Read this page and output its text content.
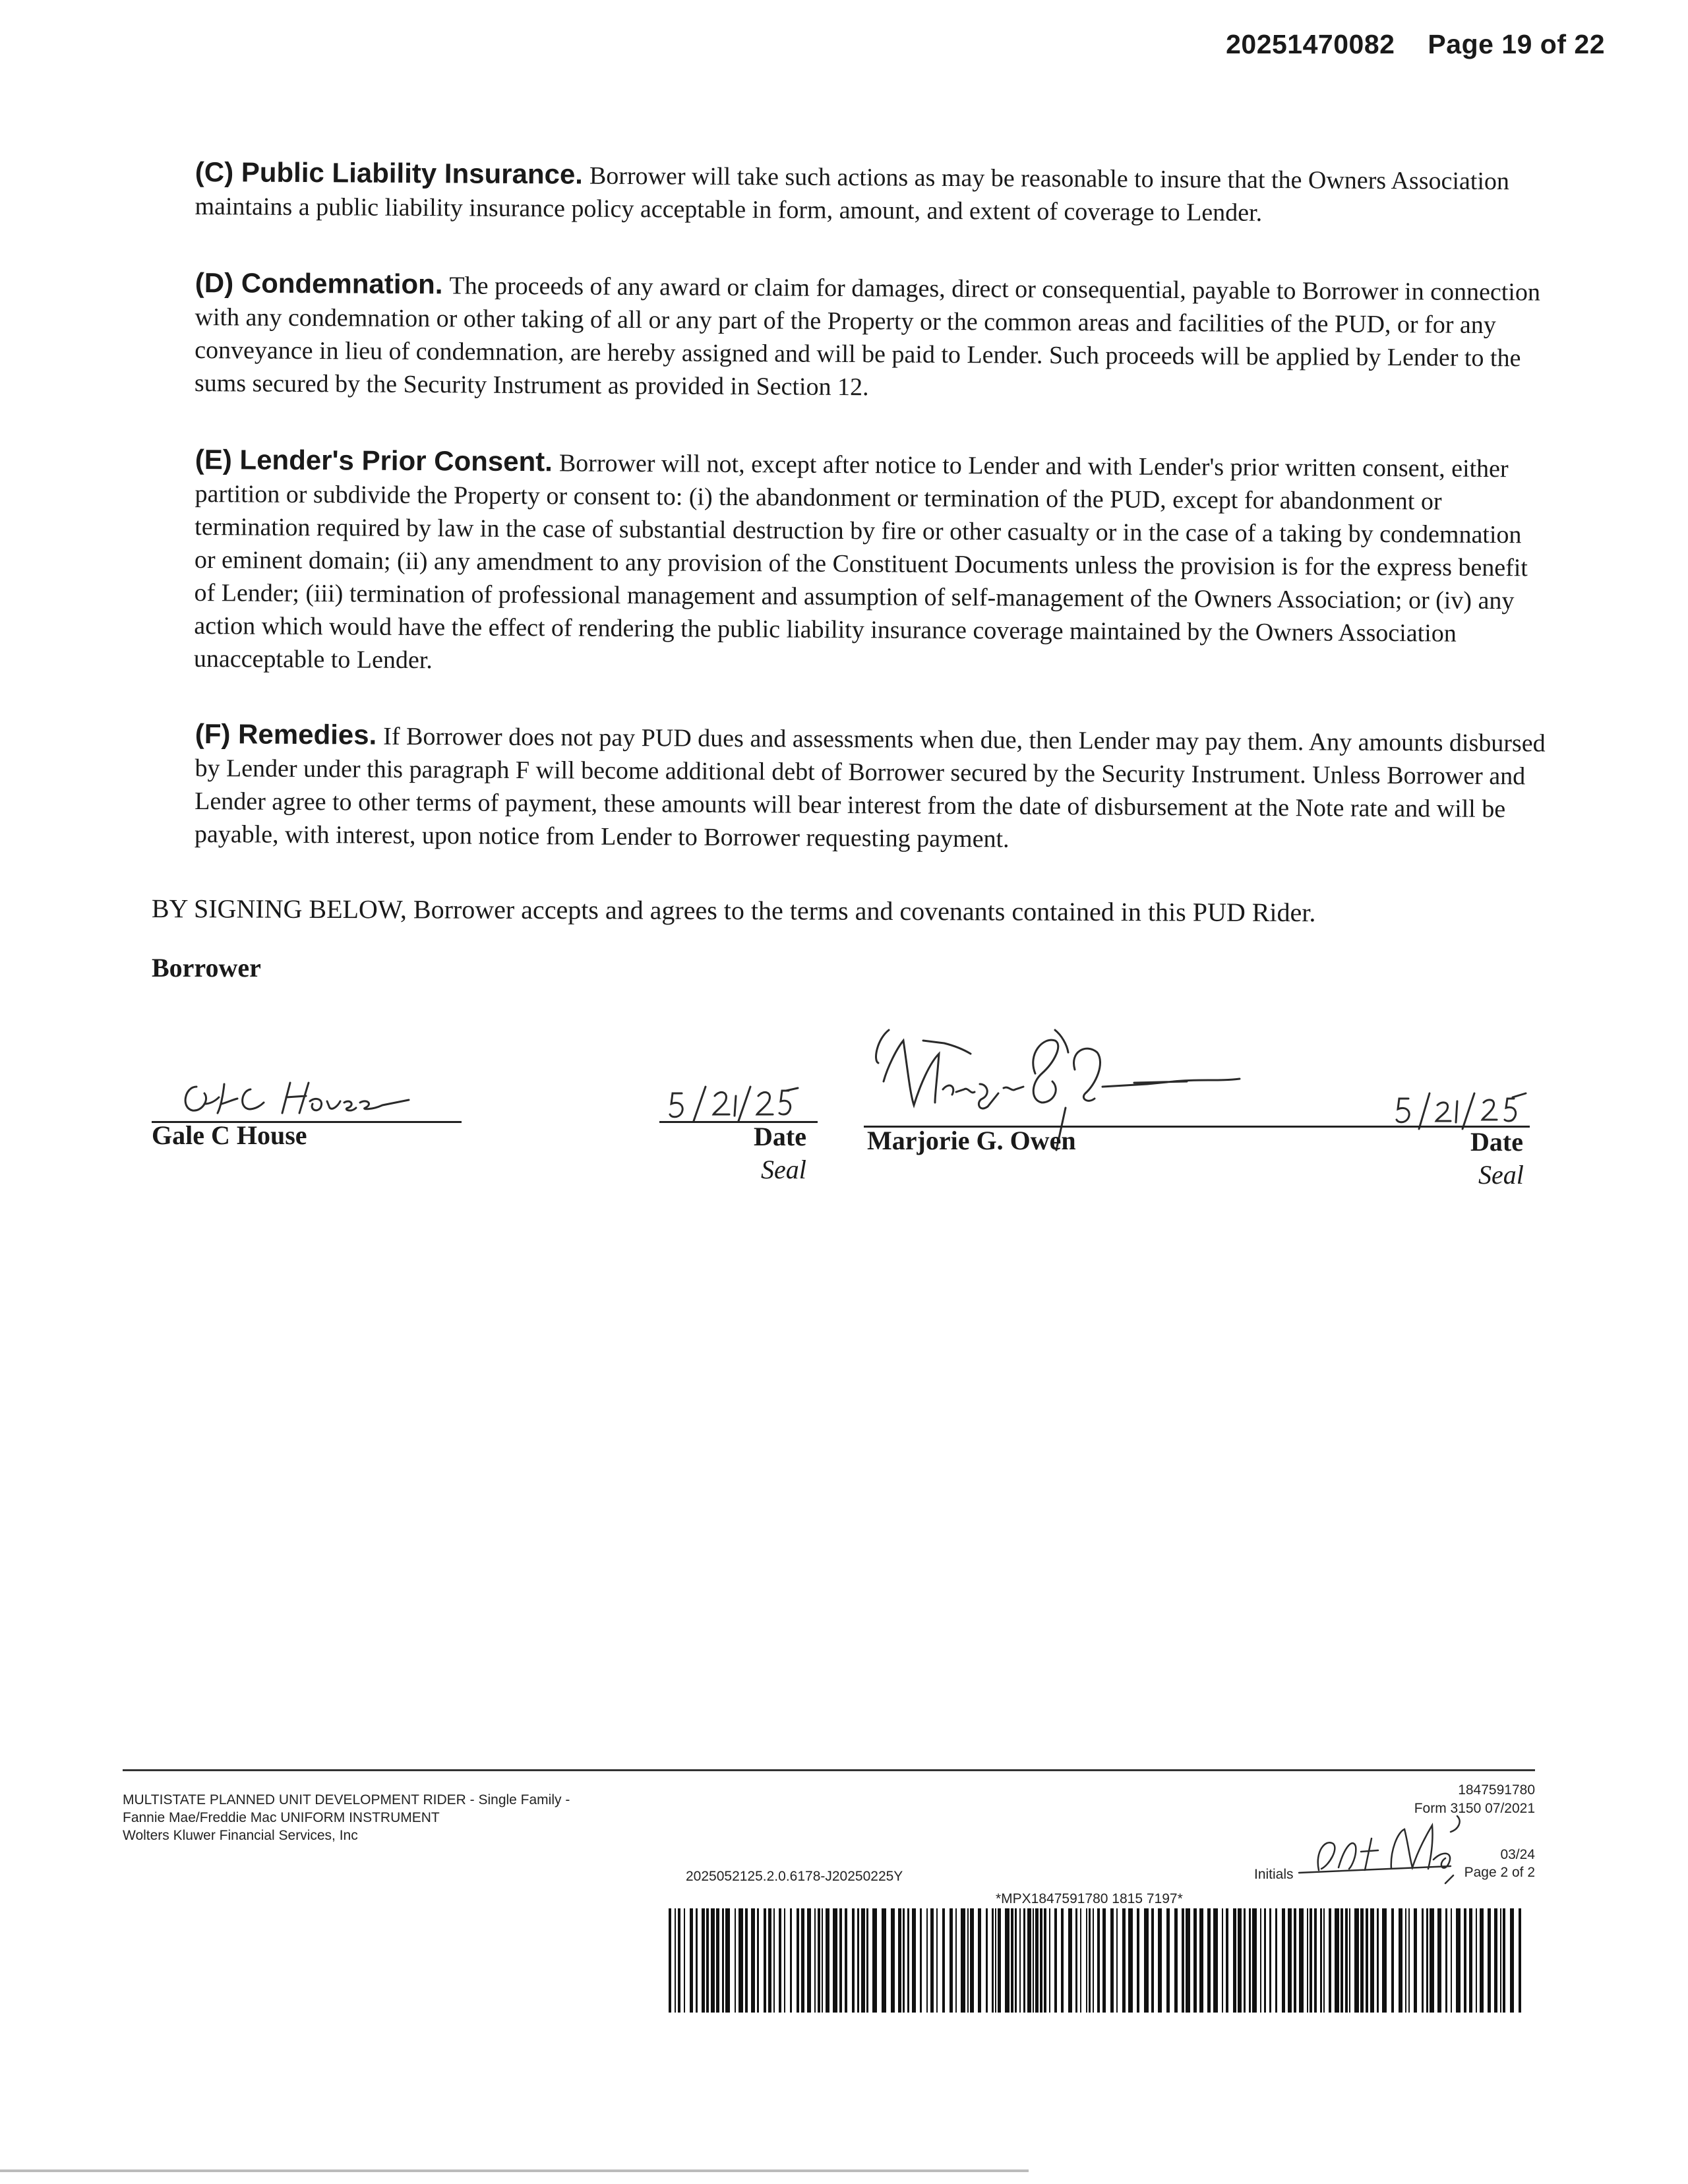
20251470082 Page 19 of 22
(C) Public Liability Insurance. Borrower will take such actions as may be reasonable to insure that the Owners Association maintains a public liability insurance policy acceptable in form, amount, and extent of coverage to Lender.
(D) Condemnation. The proceeds of any award or claim for damages, direct or consequential, payable to Borrower in connection with any condemnation or other taking of all or any part of the Property or the common areas and facilities of the PUD, or for any conveyance in lieu of condemnation, are hereby assigned and will be paid to Lender. Such proceeds will be applied by Lender to the sums secured by the Security Instrument as provided in Section 12.
(E) Lender's Prior Consent. Borrower will not, except after notice to Lender and with Lender's prior written consent, either partition or subdivide the Property or consent to: (i) the abandonment or termination of the PUD, except for abandonment or termination required by law in the case of substantial destruction by fire or other casualty or in the case of a taking by condemnation or eminent domain; (ii) any amendment to any provision of the Constituent Documents unless the provision is for the express benefit of Lender; (iii) termination of professional management and assumption of self-management of the Owners Association; or (iv) any action which would have the effect of rendering the public liability insurance coverage maintained by the Owners Association unacceptable to Lender.
(F) Remedies. If Borrower does not pay PUD dues and assessments when due, then Lender may pay them. Any amounts disbursed by Lender under this paragraph F will become additional debt of Borrower secured by the Security Instrument. Unless Borrower and Lender agree to other terms of payment, these amounts will bear interest from the date of disbursement at the Note rate and will be payable, with interest, upon notice from Lender to Borrower requesting payment.
BY SIGNING BELOW, Borrower accepts and agrees to the terms and covenants contained in this PUD Rider.
Borrower
Gale C House	Date
Seal
Marjorie G. Owen	Date
Seal
MULTISTATE PLANNED UNIT DEVELOPMENT RIDER - Single Family -
Fannie Mae/Freddie Mac UNIFORM INSTRUMENT
Wolters Kluwer Financial Services, Inc
1847591780
Form 3150 07/2021
03/24
Page 2 of 2
Initials
2025052125.2.0.6178-J20250225Y
*MPX1847591780 1815 7197*
